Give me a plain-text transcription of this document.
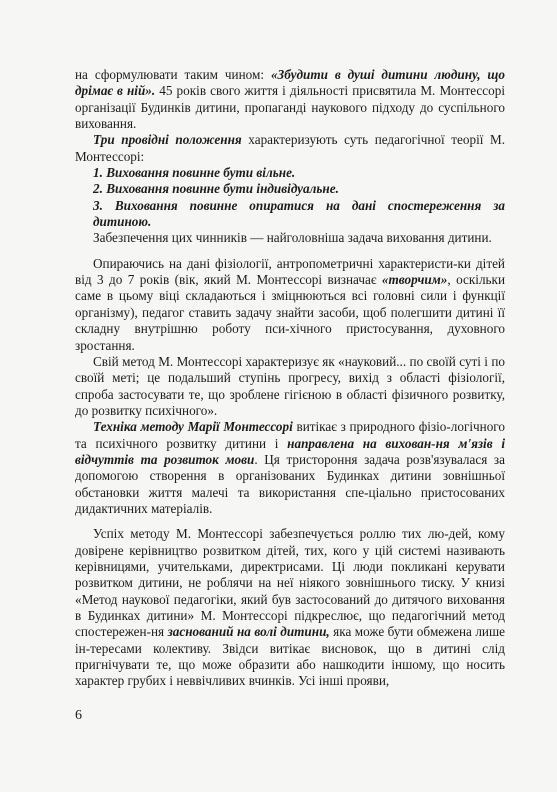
на сформулювати таким чином: «Збудити в душі дитини людину, що дрімає в ній». 45 років свого життя і діяльності присвятила М. Монтессорі організації Будинків дитини, пропаганді наукового підходу до суспільного виховання.

Три провідні положення характеризують суть педагогічної теорії М. Монтессорі:

1. Виховання повинне бути вільне.

2. Виховання повинне бути індивідуальне.

3. Виховання повинне опиратися на дані спостереження за дитиною.

Забезпечення цих чинників — найголовніша задача виховання дитини.

Опираючись на дані фізіології, антропометричні характеристи-ки дітей від 3 до 7 років (вік, який М. Монтессорі визначає «творчим», оскільки саме в цьому віці складаються і зміцнюються всі головні сили і функції організму), педагог ставить задачу знайти засоби, щоб полегшити дитині її складну внутрішню роботу пси-хічного пристосування, духовного зростання.

Свій метод М. Монтессорі характеризує як «науковий... по своїй суті і по своїй меті; це подальший ступінь прогресу, вихід з області фізіології, спроба застосувати те, що зроблене гігієною в області фізичного розвитку, до розвитку психічного».

Техніка методу Марії Монтессорі витікає з природного фізіо-логічного та психічного розвитку дитини і направлена на вихован-ня м'язів і відчуттів та розвиток мови. Ця тристороння задача розв'язувалася за допомогою створення в організованих Будинках дитини зовнішньої обстановки життя малечі та використання спе-ціально пристосованих дидактичних матеріалів.

Успіх методу М. Монтессорі забезпечується роллю тих лю-дей, кому довірене керівництво розвитком дітей, тих, кого у цій системі називають керівницями, учительками, директрисами. Ці люди покликані керувати розвитком дитини, не роблячи на неї ніякого зовнішнього тиску. У книзі «Метод наукової педагогіки, який був застосований до дитячого виховання в Будинках дитини» М. Монтессорі підкреслює, що педагогічний метод спостережен-ня заснований на волі дитини, яка може бути обмежена лише ін-тересами колективу. Звідси витікає висновок, що в дитині слід пригнічувати те, що може образити або нашкодити іншому, що носить характер грубих і неввічливих вчинків. Усі інші прояви,

6
